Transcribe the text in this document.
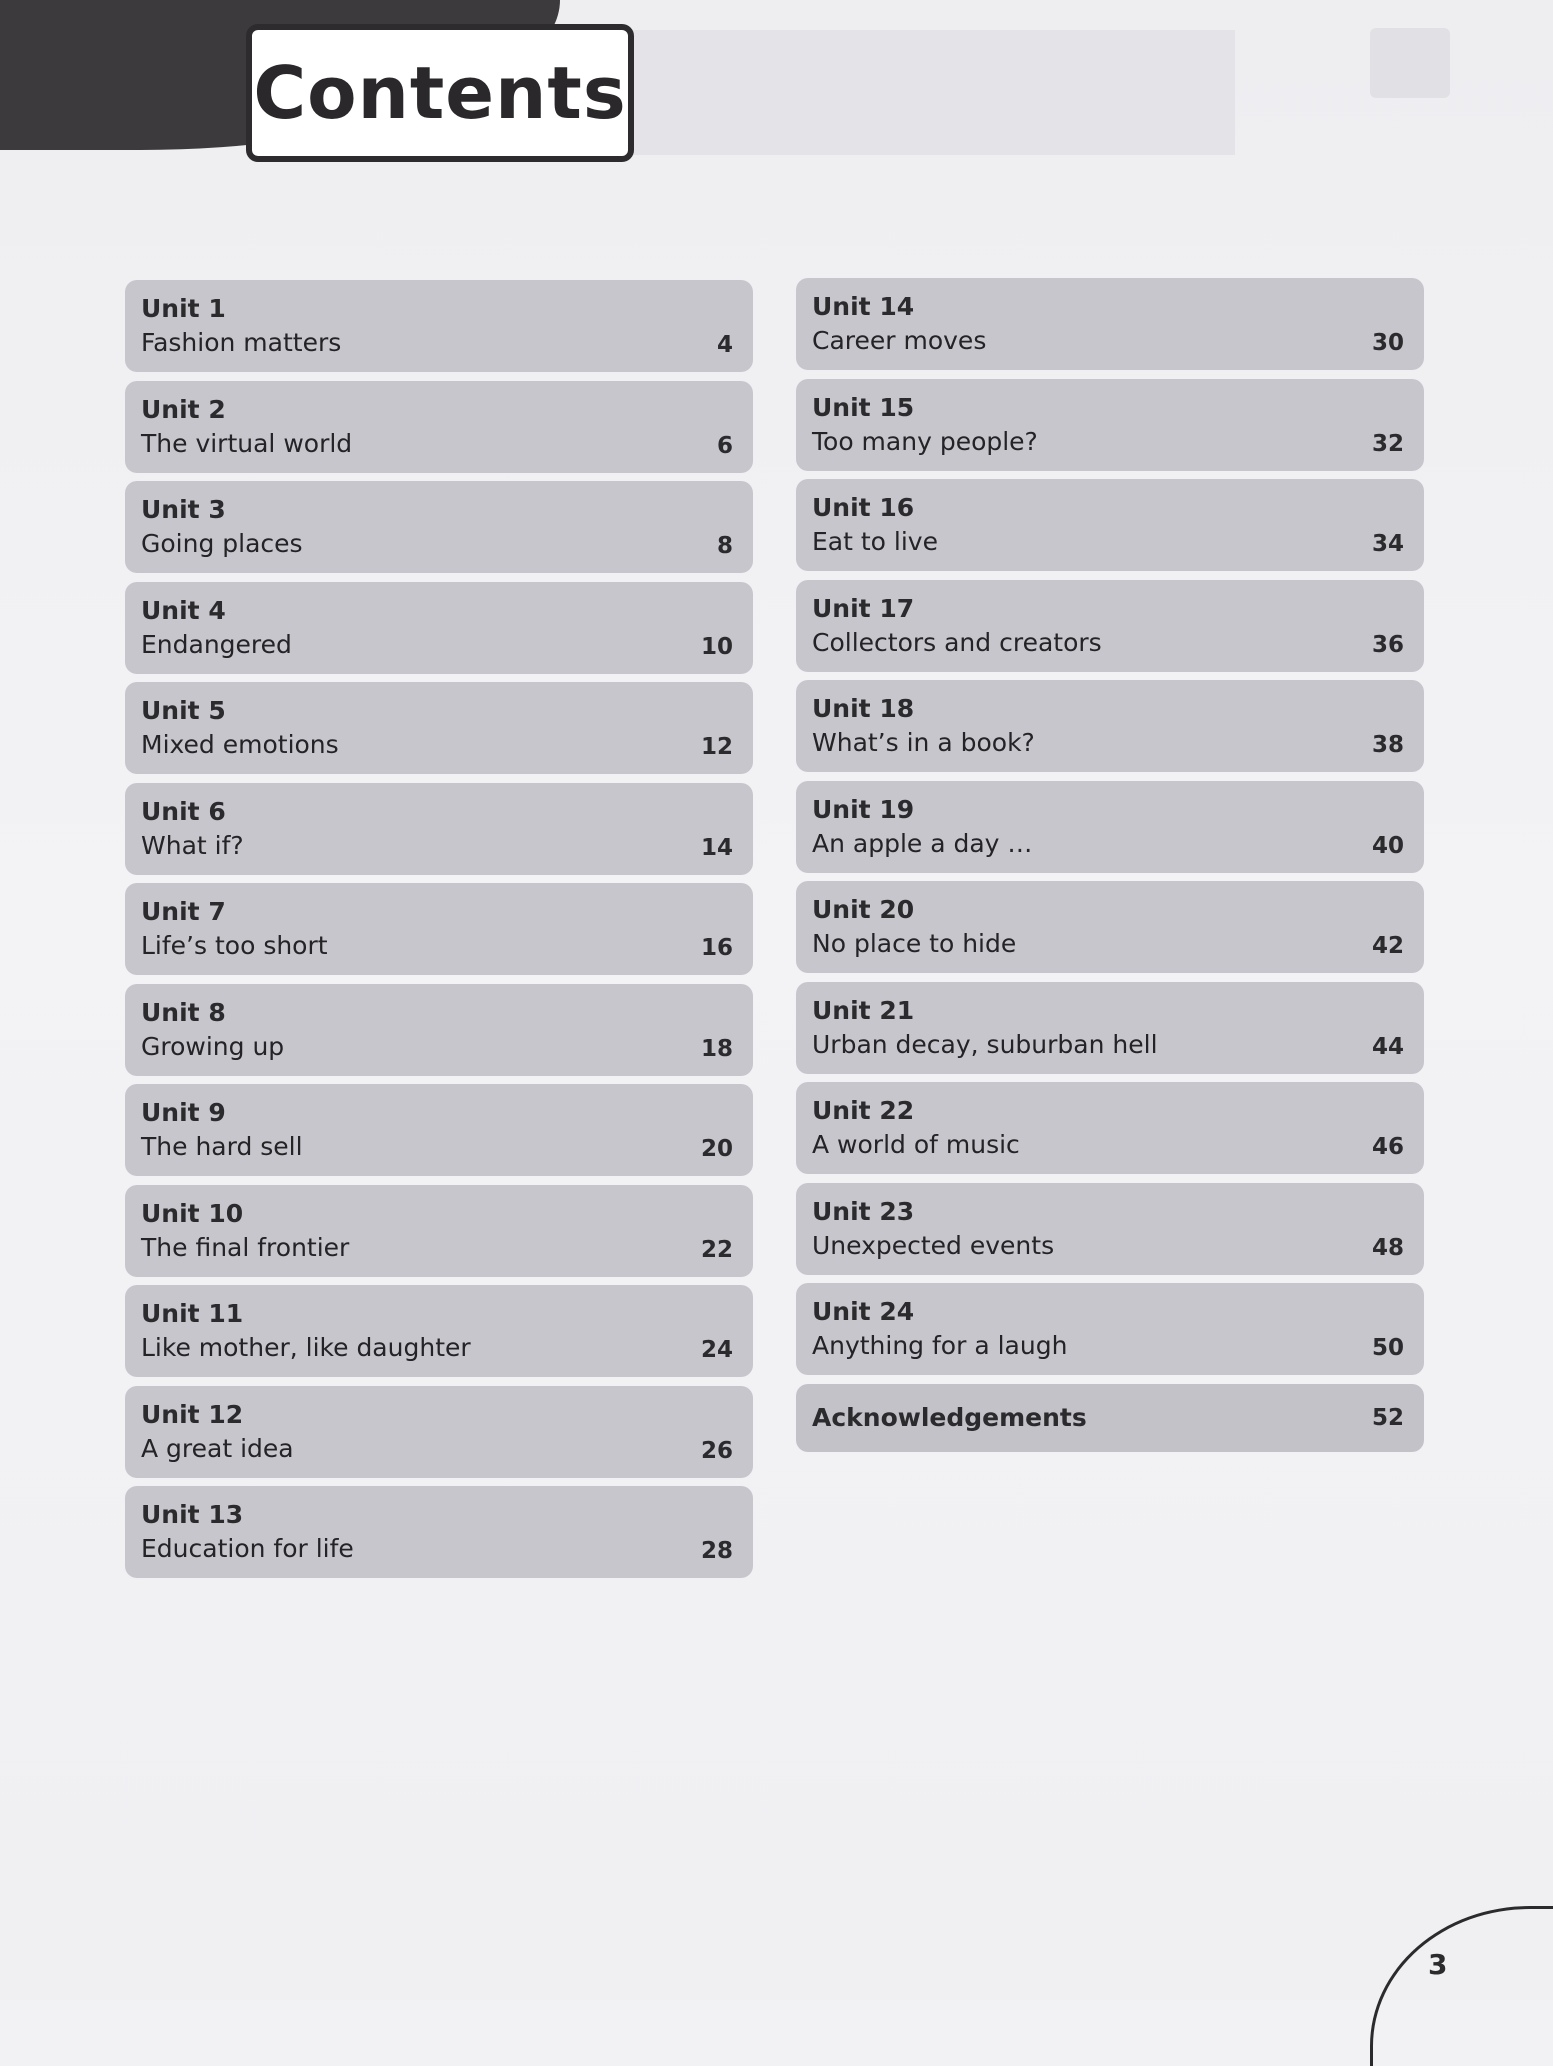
Contents
Unit 1
Fashion matters	4
Unit 2
The virtual world	6
Unit 3
Going places	8
Unit 4
Endangered	10
Unit 5
Mixed emotions	12
Unit 6
What if?	14
Unit 7
Life’s too short	16
Unit 8
Growing up	18
Unit 9
The hard sell	20
Unit 10
The final frontier	22
Unit 11
Like mother, like daughter	24
Unit 12
A great idea	26
Unit 13
Education for life	28
Unit 14
Career moves	30
Unit 15
Too many people?	32
Unit 16
Eat to live	34
Unit 17
Collectors and creators	36
Unit 18
What’s in a book?	38
Unit 19
An apple a day …	40
Unit 20
No place to hide	42
Unit 21
Urban decay, suburban hell	44
Unit 22
A world of music	46
Unit 23
Unexpected events	48
Unit 24
Anything for a laugh	50
Acknowledgements	52
3
